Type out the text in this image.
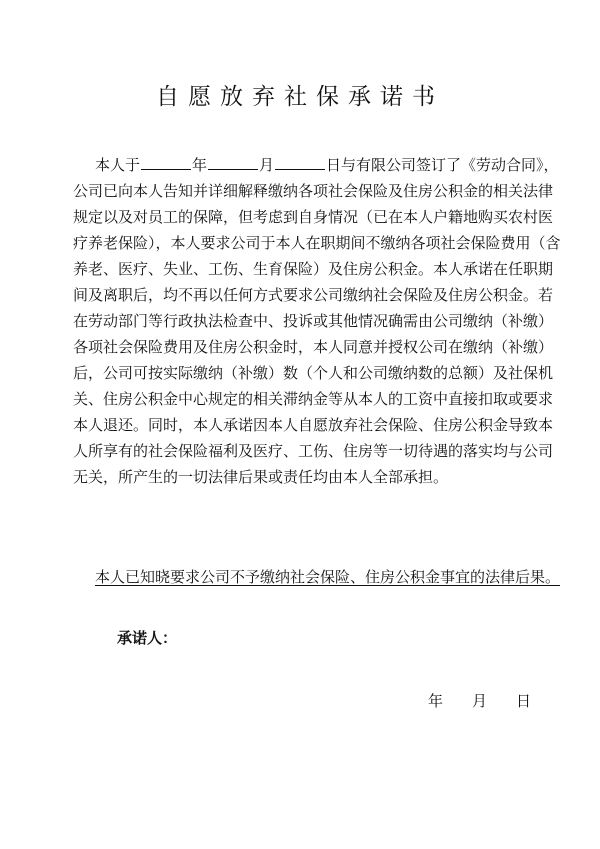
自愿放弃社保承诺书
本人于	年	月	日与有限公司签订了《劳动合同》，
公司已向本人告知并详细解释缴纳各项社会保险及住房公积金的相关法律
规定以及对员工的保障，但考虑到自身情况（已在本人户籍地购买农村医
疗养老保险），本人要求公司于本人在职期间不缴纳各项社会保险费用（含
养老、医疗、失业、工伤、生育保险）及住房公积金。本人承诺在任职期
间及离职后，均不再以任何方式要求公司缴纳社会保险及住房公积金。若
在劳动部门等行政执法检查中、投诉或其他情况确需由公司缴纳（补缴）
各项社会保险费用及住房公积金时，本人同意并授权公司在缴纳（补缴）
后，公司可按实际缴纳（补缴）数（个人和公司缴纳数的总额）及社保机
关、住房公积金中心规定的相关滞纳金等从本人的工资中直接扣取或要求
本人退还。同时，本人承诺因本人自愿放弃社会保险、住房公积金导致本
人所享有的社会保险福利及医疗、工伤、住房等一切待遇的落实均与公司
无关，所产生的一切法律后果或责任均由本人全部承担。
本人已知晓要求公司不予缴纳社会保险、住房公积金事宜的法律后果。
承诺人：
年 月 日
